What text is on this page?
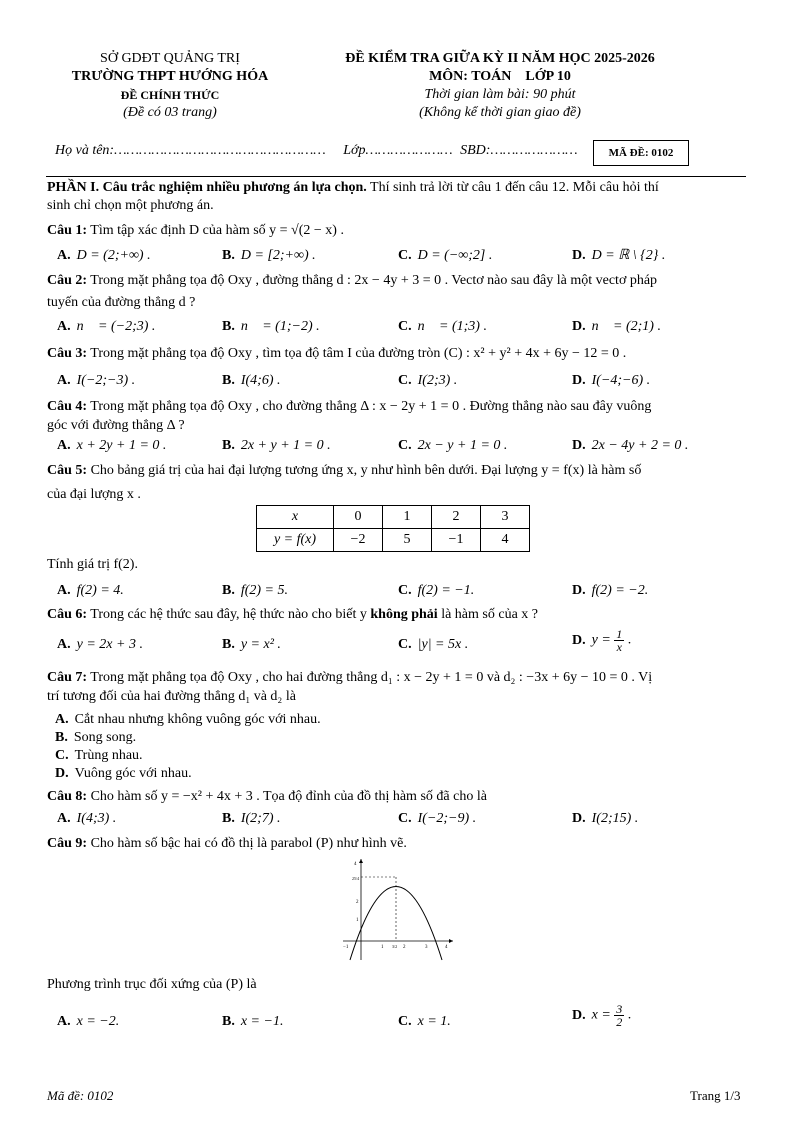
SỞ GDĐT QUẢNG TRỊ
TRƯỜNG THPT HƯỚNG HÓA
ĐỀ CHÍNH THỨC
(Đề có 03 trang)
ĐỀ KIỂM TRA GIỮA KỲ II NĂM HỌC 2025-2026
MÔN: TOÁN    LỚP 10
Thời gian làm bài: 90 phút
(Không kể thời gian giao đề)
Họ và tên:…………………………………………… Lớp………………… SBD:…………………	MÃ ĐỀ: 0102
PHẦN I. Câu trắc nghiệm nhiều phương án lựa chọn. Thí sinh trả lời từ câu 1 đến câu 12. Mỗi câu hỏi thí
sinh chỉ chọn một phương án.
Câu 1: Tìm tập xác định D của hàm số y = √(2 − x) .
A. D = (2;+∞) .	B. D = [2;+∞) .	C. D = (−∞;2] .	D. D = ℝ \ {2} .
Câu 2: Trong mặt phẳng tọa độ Oxy , đường thẳng d : 2x − 4y + 3 = 0 . Vectơ nào sau đây là một vectơ pháp
tuyến của đường thẳng d ?
A. n⃗ = (−2;3) .	B. n⃗ = (1;−2) .	C. n⃗ = (1;3) .	D. n⃗ = (2;1) .
Câu 3: Trong mặt phẳng tọa độ Oxy , tìm tọa độ tâm I của đường tròn (C) : x² + y² + 4x + 6y − 12 = 0 .
A. I(−2;−3) .	B. I(4;6) .	C. I(2;3) .	D. I(−4;−6) .
Câu 4: Trong mặt phẳng tọa độ Oxy , cho đường thẳng Δ : x − 2y + 1 = 0 . Đường thẳng nào sau đây vuông
góc với đường thẳng Δ ?
A. x + 2y + 1 = 0 .	B. 2x + y + 1 = 0 .	C. 2x − y + 1 = 0 .	D. 2x − 4y + 2 = 0 .
Câu 5: Cho bảng giá trị của hai đại lượng tương ứng x, y như hình bên dưới. Đại lượng y = f(x) là hàm số
của đại lượng x .
x	0	1	2	3
y = f(x)	−2	5	−1	4
Tính giá trị f(2).
A. f(2) = 4.	B. f(2) = 5.	C. f(2) = −1.	D. f(2) = −2.
Câu 6: Trong các hệ thức sau đây, hệ thức nào cho biết y không phải là hàm số của x ?
A. y = 2x + 3 .	B. y = x² .	C. |y| = 5x .	D. $y = \frac{1}{x}$ .
Câu 7: Trong mặt phẳng tọa độ Oxy , cho hai đường thẳng d₁ : x − 2y + 1 = 0 và d₂ : −3x + 6y − 10 = 0 . Vị
trí tương đối của hai đường thẳng d₁ và d₂ là
A. Cắt nhau nhưng không vuông góc với nhau.
B. Song song.
C. Trùng nhau.
D. Vuông góc với nhau.
Câu 8: Cho hàm số y = −x² + 4x + 3 . Tọa độ đỉnh của đồ thị hàm số đã cho là
A. I(4;3) .	B. I(2;7) .	C. I(−2;−9) .	D. I(2;15) .
Câu 9: Cho hàm số bậc hai có đồ thị là parabol (P) như hình vẽ.
4
25/4
2
1
−1	1 3/2 2	3	4
Phương trình trục đối xứng của (P) là
A. x = −2.	B. x = −1.	C. x = 1.	D. $x = \frac{3}{2}$ .
Mã đề: 0102	Trang 1/3
